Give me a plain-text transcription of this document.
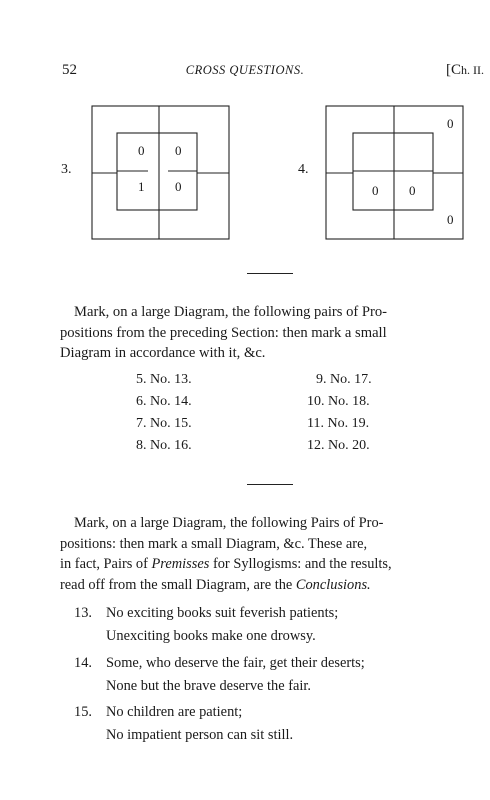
52	CROSS QUESTIONS.	[Ch. II.
3.
0 0
1 0
4.
0
0 0
0
Mark, on a large Diagram, the following pairs of Pro-
positions from the preceding Section: then mark a small
Diagram in accordance with it, &c.
5. No. 13.
6. No. 14.
7. No. 15.
8. No. 16.
9. No. 17.
10. No. 18.
11. No. 19.
12. No. 20.
Mark, on a large Diagram, the following Pairs of Pro-
positions: then mark a small Diagram, &c. These are,
in fact, Pairs of Premisses for Syllogisms: and the results,
read off from the small Diagram, are the Conclusions.
13. No exciting books suit feverish patients;
Unexciting books make one drowsy.
14. Some, who deserve the fair, get their deserts;
None but the brave deserve the fair.
15. No children are patient;
No impatient person can sit still.
